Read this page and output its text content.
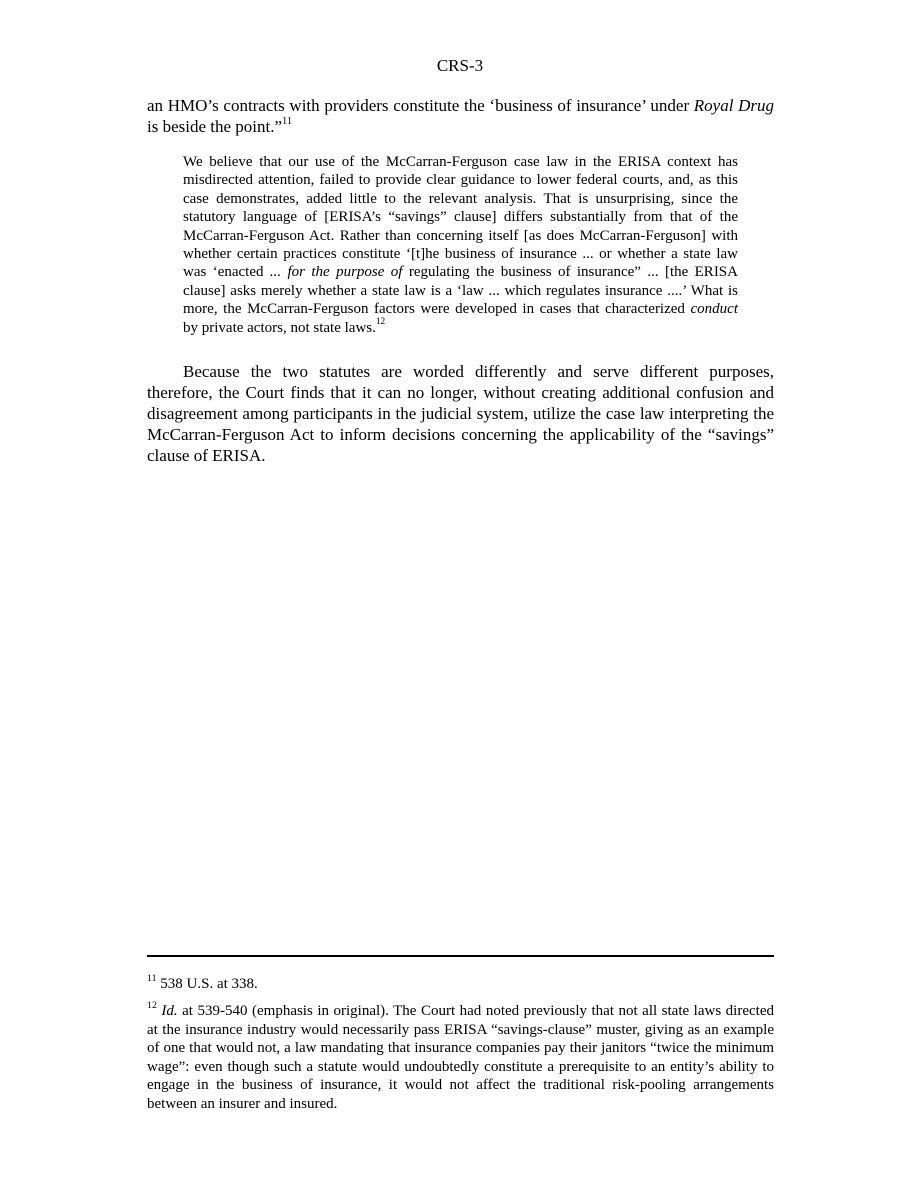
CRS-3
an HMO’s contracts with providers constitute the ‘business of insurance’ under Royal Drug is beside the point.”$^{11}$
We believe that our use of the McCarran-Ferguson case law in the ERISA context has misdirected attention, failed to provide clear guidance to lower federal courts, and, as this case demonstrates, added little to the relevant analysis. That is unsurprising, since the statutory language of [ERISA’s “savings” clause] differs substantially from that of the McCarran-Ferguson Act. Rather than concerning itself [as does McCarran-Ferguson] with whether certain practices constitute ‘[t]he business of insurance ... or whether a state law was ‘enacted ... for the purpose of regulating the business of insurance” ... [the ERISA clause] asks merely whether a state law is a ‘law ... which regulates insurance ....’ What is more, the McCarran-Ferguson factors were developed in cases that characterized conduct by private actors, not state laws.$^{12}$
Because the two statutes are worded differently and serve different purposes, therefore, the Court finds that it can no longer, without creating additional confusion and disagreement among participants in the judicial system, utilize the case law interpreting the McCarran-Ferguson Act to inform decisions concerning the applicability of the “savings” clause of ERISA.
$^{11}$ 538 U.S. at 338.
$^{12}$ Id. at 539-540 (emphasis in original). The Court had noted previously that not all state laws directed at the insurance industry would necessarily pass ERISA “savings-clause” muster, giving as an example of one that would not, a law mandating that insurance companies pay their janitors “twice the minimum wage”: even though such a statute would undoubtedly constitute a prerequisite to an entity’s ability to engage in the business of insurance, it would not affect the traditional risk-pooling arrangements between an insurer and insured.
